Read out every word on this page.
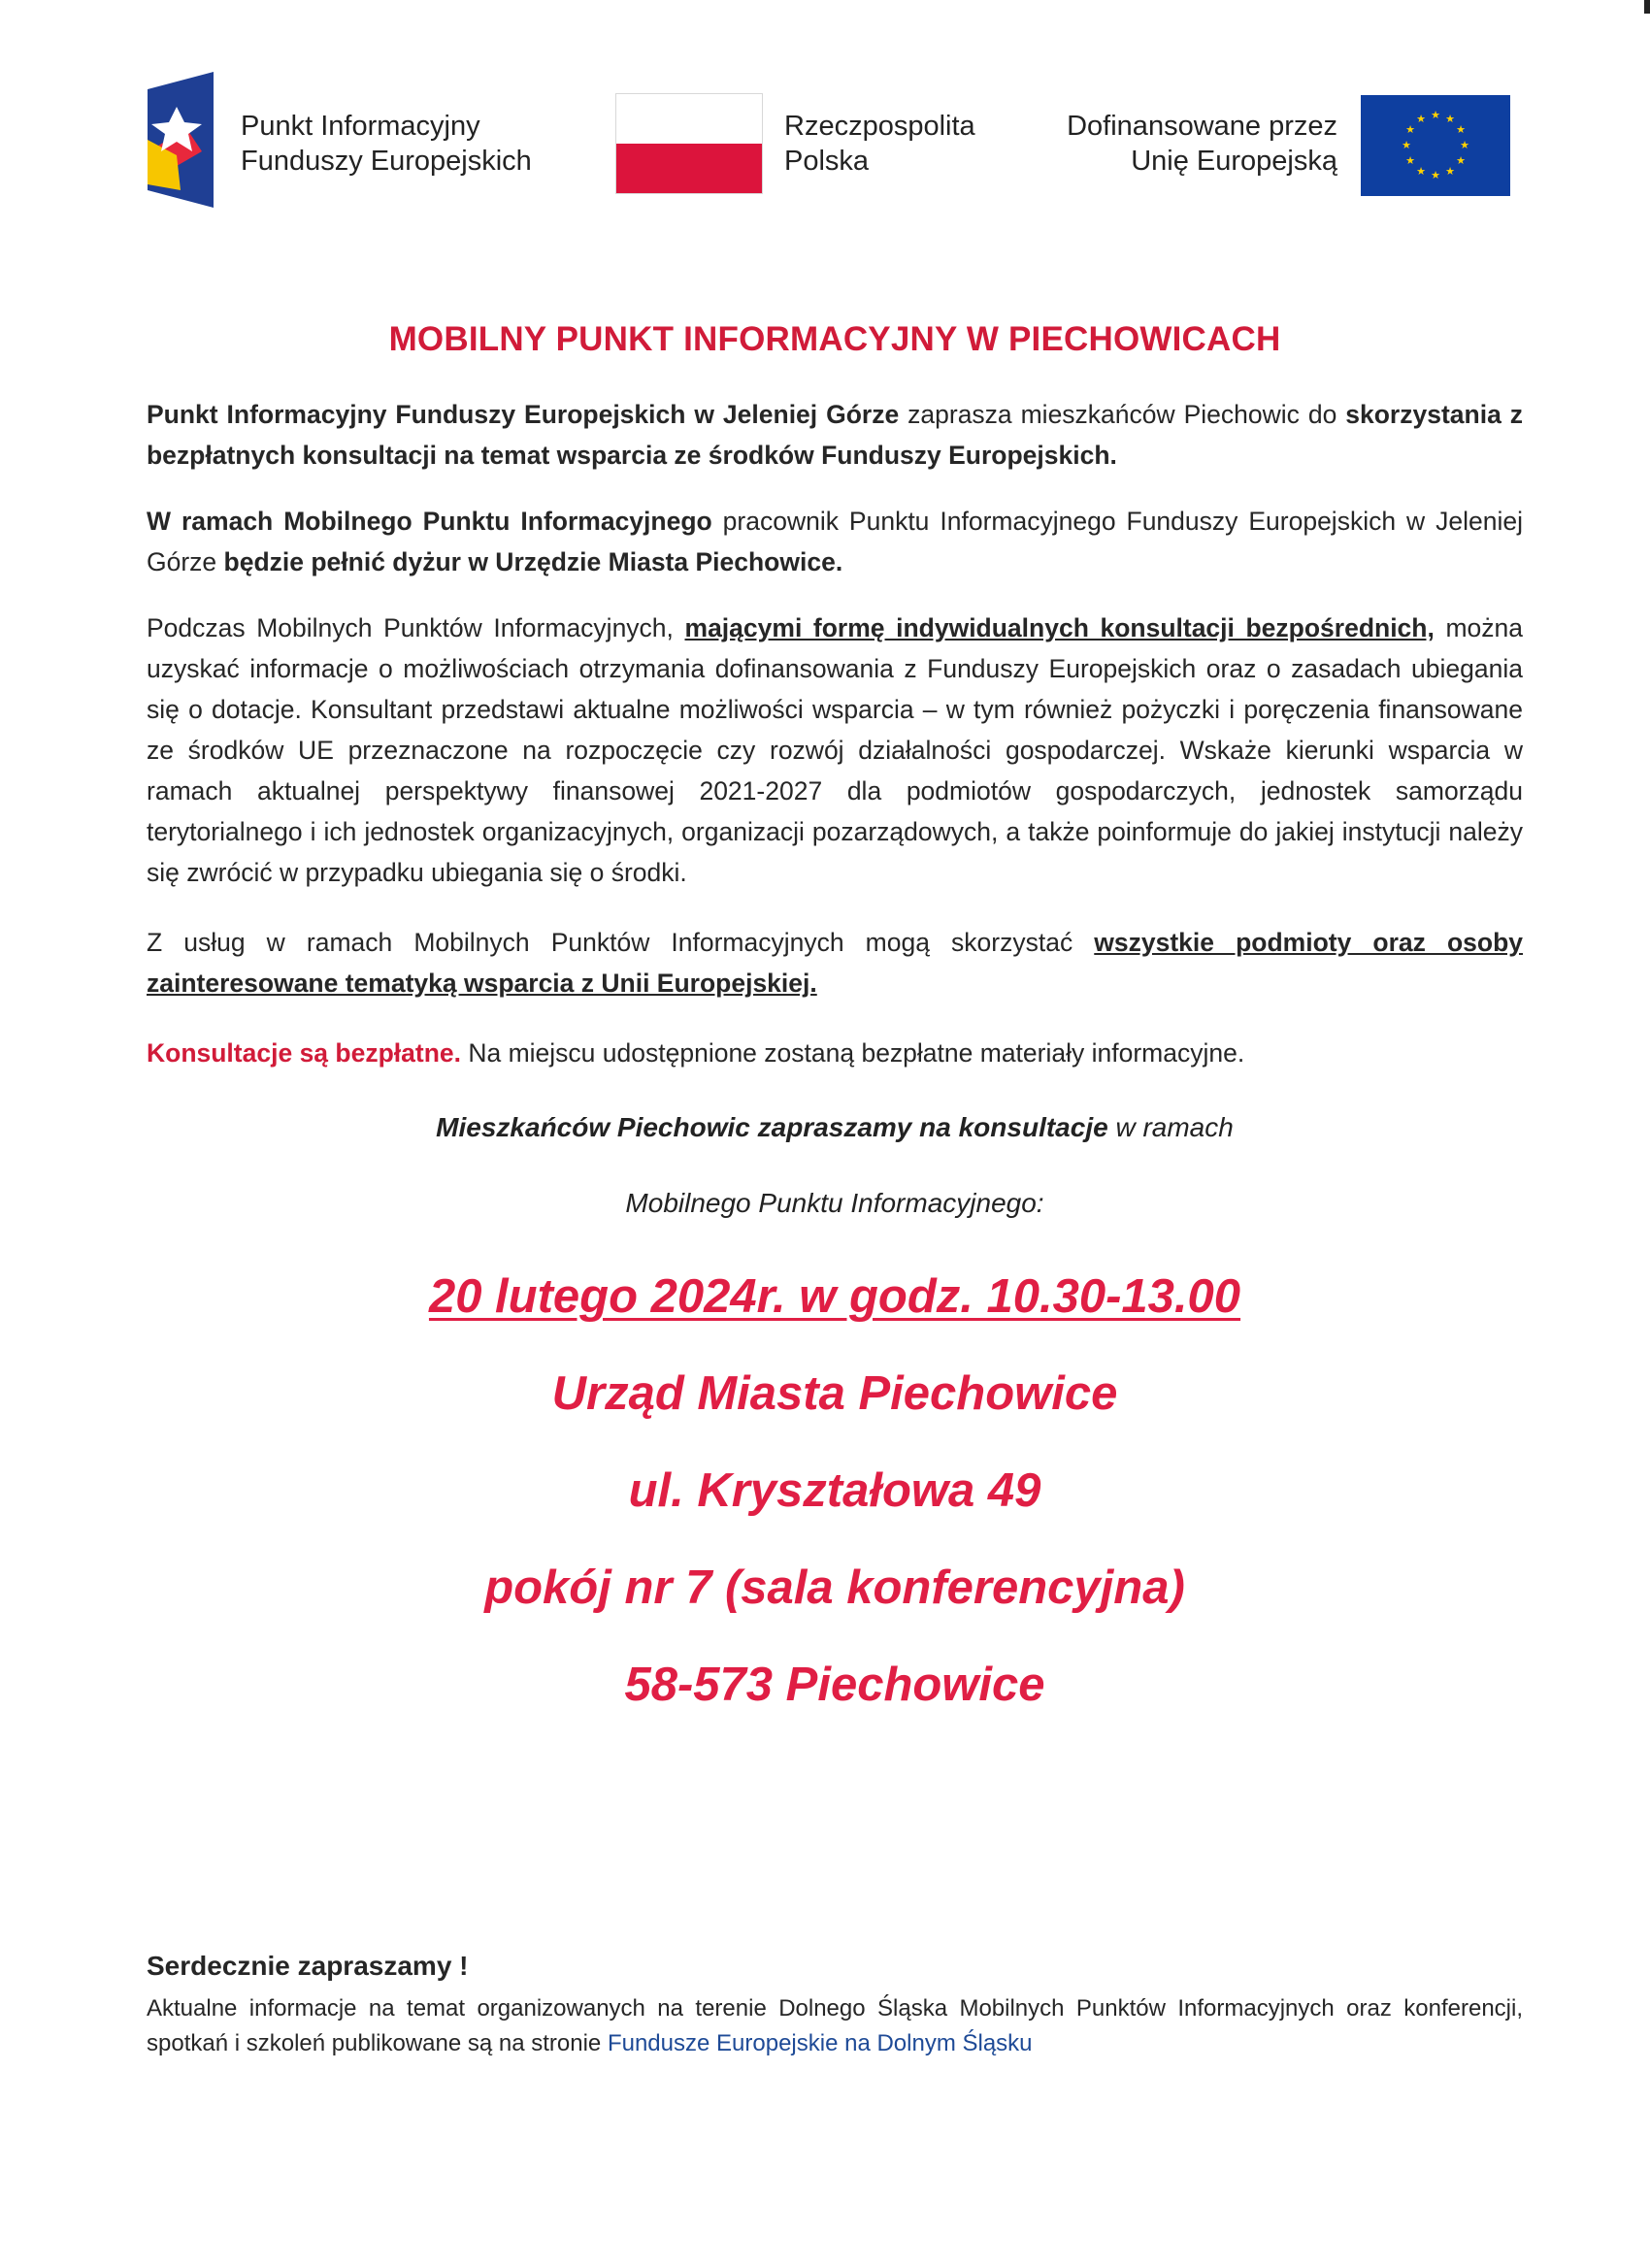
Punkt Informacyjny
Funduszy Europejskich
Rzeczpospolita
Polska
Dofinansowane przez
Unię Europejską
★ ★
★
★
★
★
★
★
★
★
★
★
MOBILNY PUNKT INFORMACYJNY W PIECHOWICACH

Punkt Informacyjny Funduszy Europejskich w Jeleniej Górze zaprasza mieszkańców Piechowic do skorzystania z bezpłatnych konsultacji na temat wsparcia ze środków Funduszy Europejskich.

W ramach Mobilnego Punktu Informacyjnego pracownik Punktu Informacyjnego Funduszy Europejskich w Jeleniej Górze będzie pełnić dyżur w Urzędzie Miasta Piechowice.

Podczas Mobilnych Punktów Informacyjnych, mającymi formę indywidualnych konsultacji bezpośrednich, można uzyskać informacje o możliwościach otrzymania dofinansowania z Funduszy Europejskich oraz o zasadach ubiegania się o dotacje. Konsultant przedstawi aktualne możliwości wsparcia – w tym również pożyczki i poręczenia finansowane ze środków UE przeznaczone na rozpoczęcie czy rozwój działalności gospodarczej. Wskaże kierunki wsparcia w ramach aktualnej perspektywy finansowej 2021-2027 dla podmiotów gospodarczych, jednostek samorządu terytorialnego i ich jednostek organizacyjnych, organizacji pozarządowych, a także poinformuje do jakiej instytucji należy się zwrócić w przypadku ubiegania się o środki.

Z usług w ramach Mobilnych Punktów Informacyjnych mogą skorzystać wszystkie podmioty oraz osoby zainteresowane tematyką wsparcia z Unii Europejskiej.

Konsultacje są bezpłatne. Na miejscu udostępnione zostaną bezpłatne materiały informacyjne.

Mieszkańców Piechowic zapraszamy na konsultacje w ramach
Mobilnego Punktu Informacyjnego:
20 lutego 2024r. w godz. 10.30-13.00
Urząd Miasta Piechowice
ul. Kryształowa 49
pokój nr 7 (sala konferencyjna)
58-573 Piechowice
Serdecznie zapraszamy !

Aktualne informacje na temat organizowanych na terenie Dolnego Śląska Mobilnych Punktów Informacyjnych oraz konferencji, spotkań i szkoleń publikowane są na stronie Fundusze Europejskie na Dolnym Śląsku
